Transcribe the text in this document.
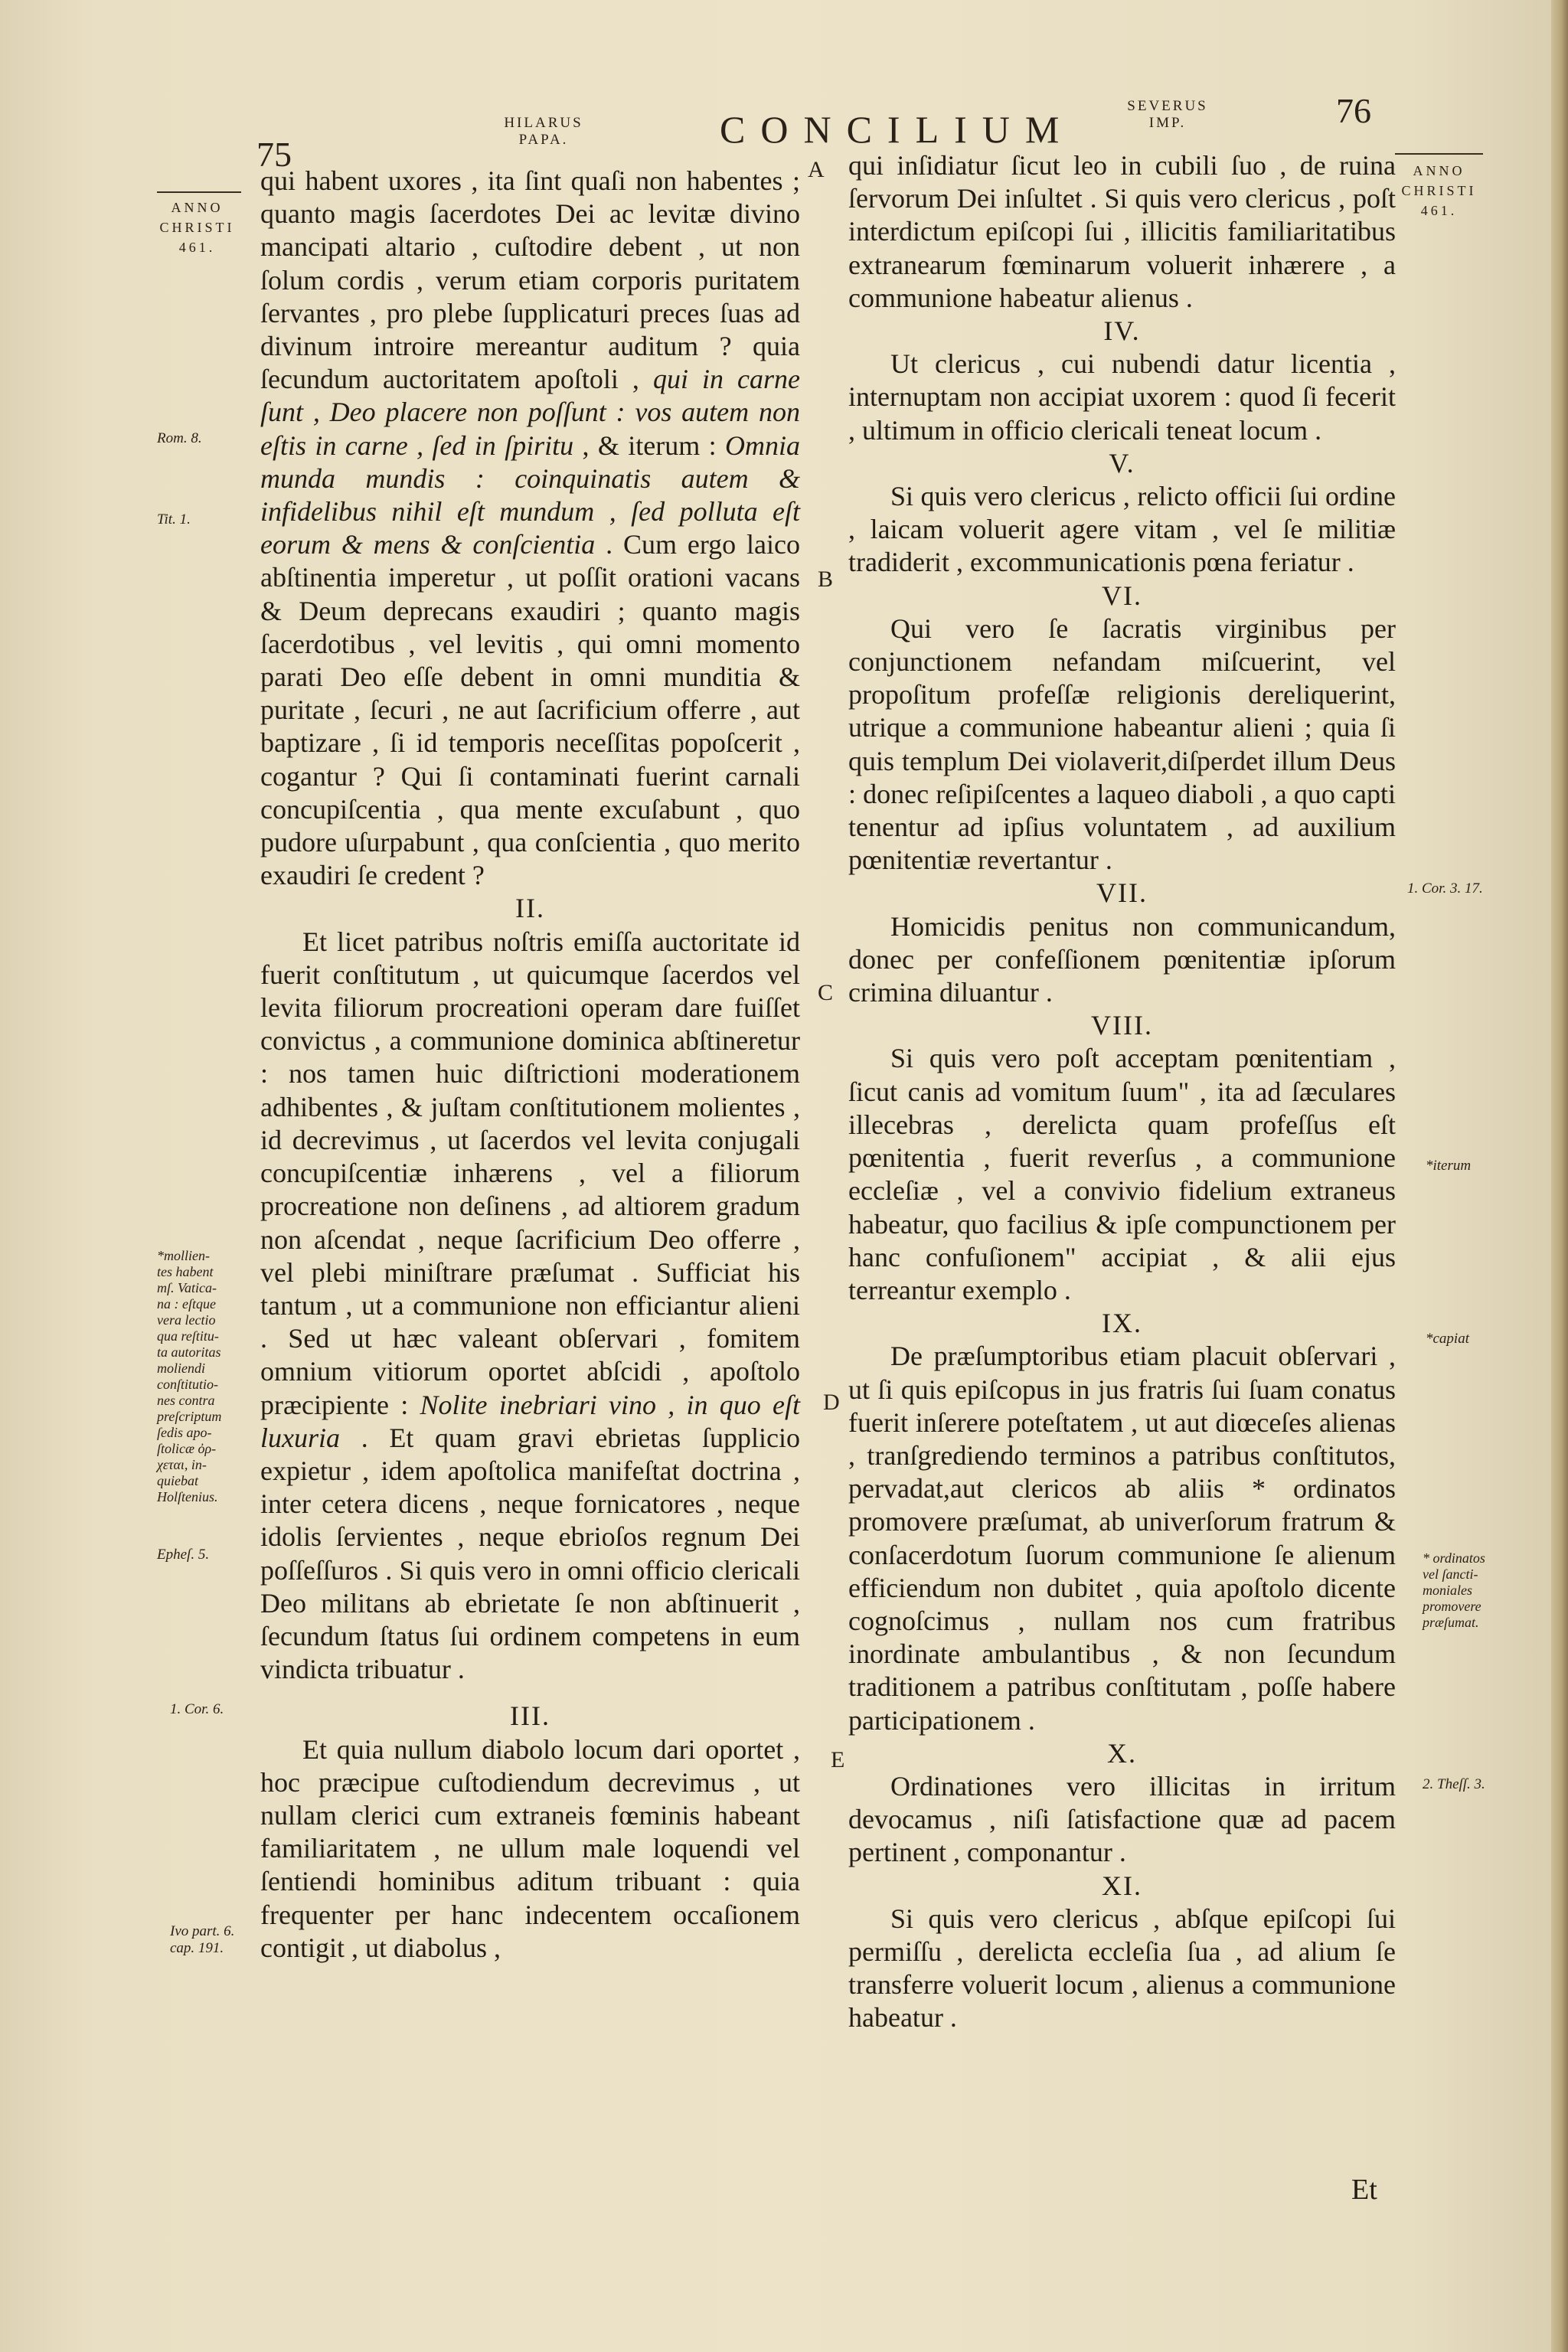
75
HILARUS
PAPA.	CONCILIUM
SEVERUS
IMP.	76
ANNO
CHRISTI
461.
Rom. 8.
Tit. 1.
*mollien-
tes habent
mſ. Vatica-
na : eſtque
vera lectio
qua reſtitu-
ta autoritas
moliendi
conſtitutio-
nes contra
preſcriptum
ſedis apo-
ſtolicæ ὀρ-
χεται, in-
quiebat
Holſtenius.
Epheſ. 5.
1. Cor. 6.
Ivo part. 6.
cap. 191.
ANNO
CHRISTI
461.
1. Cor. 3. 17.
*iterum
*capiat
* ordinatos
vel ſancti-
moniales
promovere
præſumat.
2. Theſſ. 3.
A
B
C
D
E

qui habent uxores , ita ſint quaſi non habentes ; quanto magis ſacerdotes Dei ac levitæ divino mancipati altario , cuſtodire debent , ut non ſolum cordis , verum etiam corporis puritatem ſervantes , pro plebe ſupplicaturi preces ſuas ad divinum introire mereantur auditum ? quia ſecundum auctoritatem apoſtoli , qui in carne ſunt , Deo placere non poſſunt : vos autem non eſtis in carne , ſed in ſpiritu , & iterum : Omnia munda mundis : coinquinatis autem & infidelibus nihil eſt mundum , ſed polluta eſt eorum & mens & conſcientia . Cum ergo laico abſtinentia imperetur , ut poſſit orationi vacans & Deum deprecans exaudiri ; quanto magis ſacerdotibus , vel levitis , qui omni momento parati Deo eſſe debent in omni munditia & puritate , ſecuri , ne aut ſacrificium offerre , aut baptizare , ſi id temporis neceſſitas popoſcerit , cogantur ? Qui ſi contaminati fuerint carnali concupiſcentia , qua mente excuſabunt , quo pudore uſurpabunt , qua conſcientia , quo merito exaudiri ſe credent ?

II.

Et licet patribus noſtris emiſſa auctoritate id fuerit conſtitutum , ut quicumque ſacerdos vel levita filiorum procreationi operam dare fuiſſet convictus , a communione dominica abſtineretur : nos tamen huic diſtrictioni moderationem adhibentes , & juſtam conſtitutionem molientes , id decrevimus , ut ſacerdos vel levita conjugali concupiſcentiæ inhærens , vel a filiorum procreatione non deſinens , ad altiorem gradum non aſcendat , neque ſacrificium Deo offerre , vel plebi miniſtrare præſumat . Sufficiat his tantum , ut a communione non efficiantur alieni . Sed ut hæc valeant obſervari , fomitem omnium vitiorum oportet abſcidi , apoſtolo præcipiente : Nolite inebriari vino , in quo eſt luxuria . Et quam gravi ebrietas ſupplicio expietur , idem apoſtolica manifeſtat doctrina , inter cetera dicens , neque fornicatores , neque idolis ſervientes , neque ebrioſos regnum Dei poſſeſſuros . Si quis vero in omni officio clericali Deo militans ab ebrietate ſe non abſtinuerit , ſecundum ſtatus ſui ordinem competens in eum vindicta tribuatur .

III.

Et quia nullum diabolo locum dari oportet , hoc præcipue cuſtodiendum decrevimus , ut nullam clerici cum extraneis fœminis habeant familiaritatem , ne ullum male loquendi vel ſentiendi hominibus aditum tribuant : quia frequenter per hanc indecentem occaſionem contigit , ut diabolus ,

qui inſidiatur ſicut leo in cubili ſuo , de ruina ſervorum Dei inſultet . Si quis vero clericus , poſt interdictum epiſcopi ſui , illicitis familiaritatibus extranearum fœminarum voluerit inhærere , a communione habeatur alienus .

IV.

Ut clericus , cui nubendi datur licentia , internuptam non accipiat uxorem : quod ſi fecerit , ultimum in officio clericali teneat locum .

V.

Si quis vero clericus , relicto officii ſui ordine , laicam voluerit agere vitam , vel ſe militiæ tradiderit , excommunicationis pœna feriatur .

VI.

Qui vero ſe ſacratis virginibus per conjunctionem nefandam miſcuerint, vel propoſitum profeſſæ religionis dereliquerint, utrique a communione habeantur alieni ; quia ſi quis templum Dei violaverit,diſperdet illum Deus : donec reſipiſcentes a laqueo diaboli , a quo capti tenentur ad ipſius voluntatem , ad auxilium pœnitentiæ revertantur .

VII.

Homicidis penitus non communicandum, donec per confeſſionem pœnitentiæ ipſorum crimina diluantur .

VIII.

Si quis vero poſt acceptam pœnitentiam , ſicut canis ad vomitum ſuum" , ita ad ſæculares illecebras , derelicta quam profeſſus eſt pœnitentia , fuerit reverſus , a communione eccleſiæ , vel a convivio fidelium extraneus habeatur, quo facilius & ipſe compunctionem per hanc confuſionem" accipiat , & alii ejus terreantur exemplo .

IX.

De præſumptoribus etiam placuit obſervari , ut ſi quis epiſcopus in jus fratris ſui ſuam conatus fuerit inſerere poteſtatem , ut aut diœceſes alienas , tranſgrediendo terminos a patribus conſtitutos, pervadat,aut clericos ab aliis * ordinatos promovere præſumat, ab univerſorum fratrum & conſacerdotum ſuorum communione ſe alienum efficiendum non dubitet , quia apoſtolo dicente cognoſcimus , nullam nos cum fratribus inordinate ambulantibus , & non ſecundum traditionem a patribus conſtitutam , poſſe habere participationem .

X.

Ordinationes vero illicitas in irritum devocamus , niſi ſatisfactione quæ ad pacem pertinent , componantur .

XI.

Si quis vero clericus , abſque epiſcopi ſui permiſſu , derelicta eccleſia ſua , ad alium ſe transferre voluerit locum , alienus a communione habeatur .

Et
